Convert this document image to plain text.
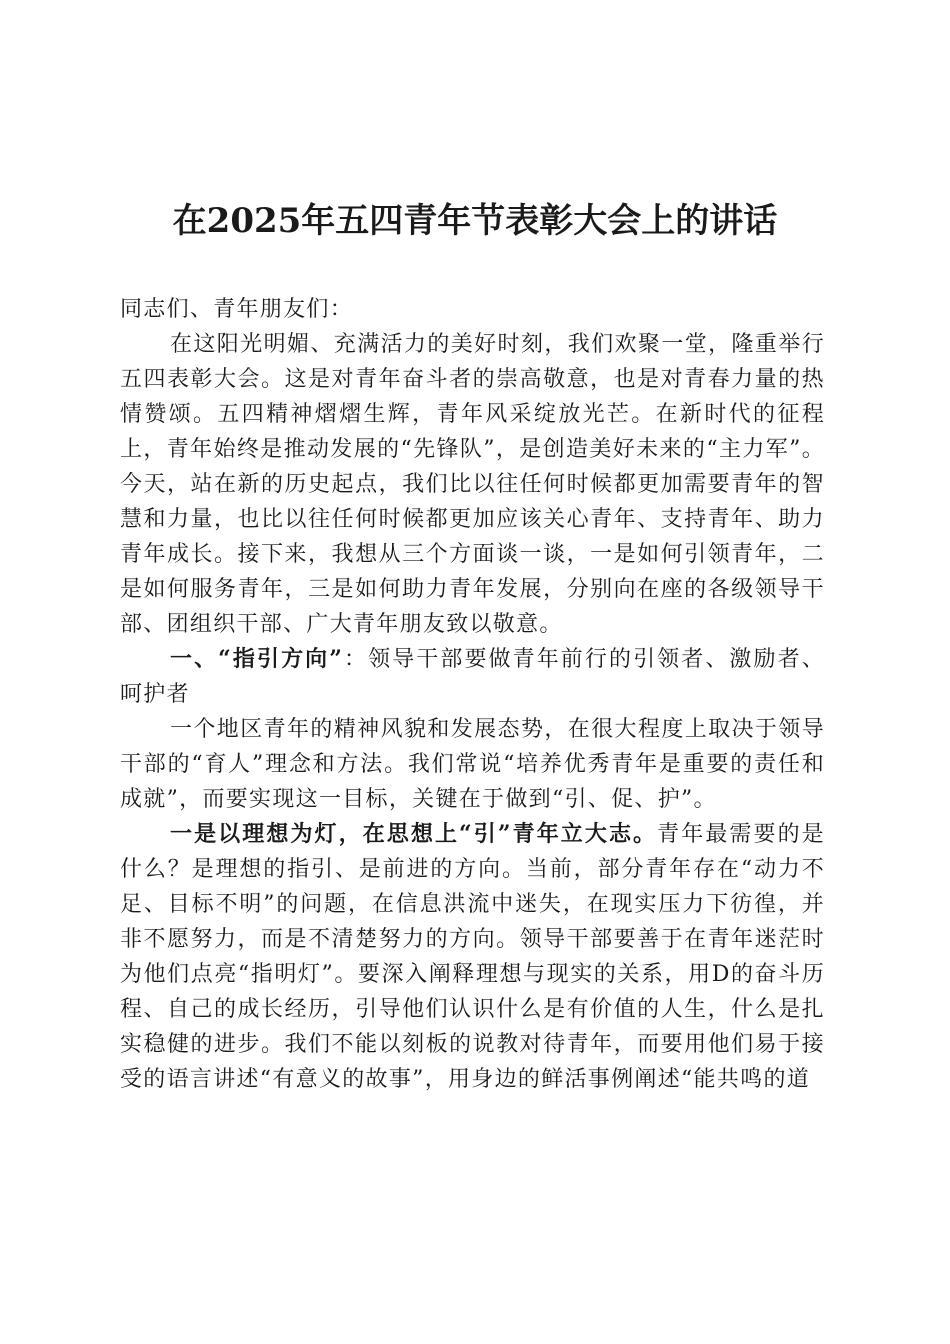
在2025年五四青年节表彰大会上的讲话

同志们、青年朋友们：

在这阳光明媚、充满活力的美好时刻，我们欢聚一堂，隆重举行五四表彰大会。这是对青年奋斗者的崇高敬意，也是对青春力量的热情赞颂。五四精神熠熠生辉，青年风采绽放光芒。在新时代的征程上，青年始终是推动发展的“先锋队”，是创造美好未来的“主力军”。今天，站在新的历史起点，我们比以往任何时候都更加需要青年的智慧和力量，也比以往任何时候都更加应该关心青年、支持青年、助力青年成长。接下来，我想从三个方面谈一谈，一是如何引领青年，二是如何服务青年，三是如何助力青年发展，分别向在座的各级领导干部、团组织干部、广大青年朋友致以敬意。

一、“指引方向”：领导干部要做青年前行的引领者、激励者、呵护者

一个地区青年的精神风貌和发展态势，在很大程度上取决于领导干部的“育人”理念和方法。我们常说“培养优秀青年是重要的责任和成就”，而要实现这一目标，关键在于做到“引、促、护”。

一是以理想为灯，在思想上“引”青年立大志。青年最需要的是什么？是理想的指引、是前进的方向。当前，部分青年存在“动力不足、目标不明”的问题，在信息洪流中迷失，在现实压力下彷徨，并非不愿努力，而是不清楚努力的方向。领导干部要善于在青年迷茫时为他们点亮“指明灯”。要深入阐释理想与现实的关系，用D的奋斗历程、自己的成长经历，引导他们认识什么是有价值的人生，什么是扎实稳健的进步。我们不能以刻板的说教对待青年，而要用他们易于接受的语言讲述“有意义的故事”，用身边的鲜活事例阐述“能共鸣的道
